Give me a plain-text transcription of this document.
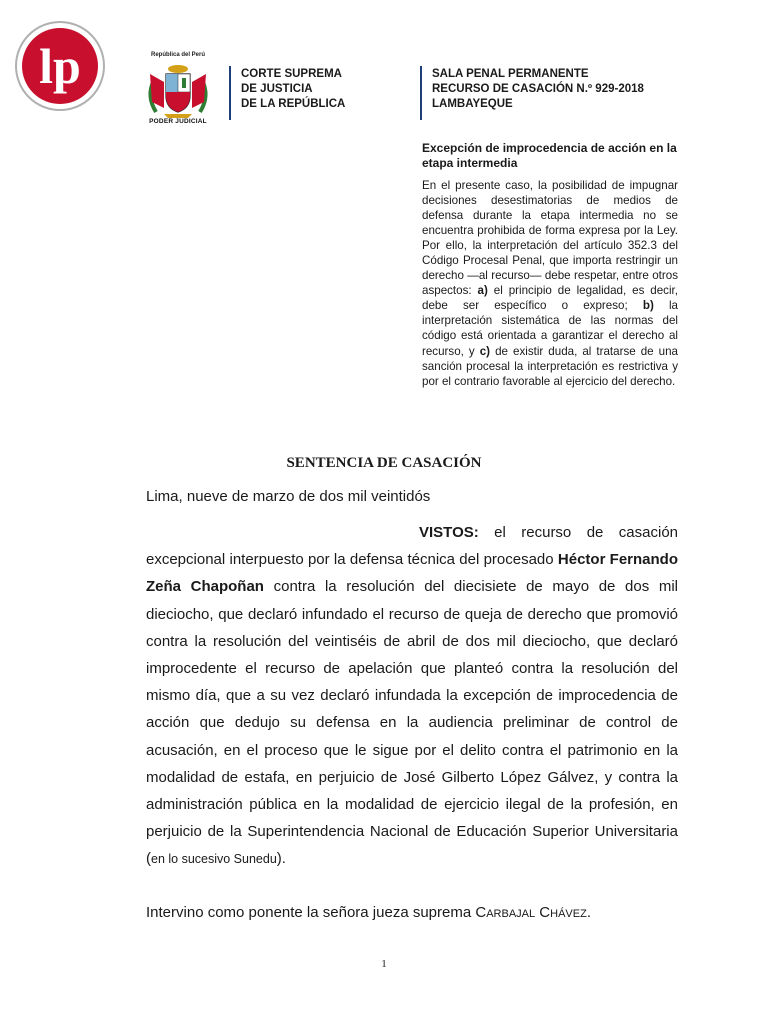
lp	República del Perú
PODER JUDICIAL
CORTE SUPREMA
DE JUSTICIA
DE LA REPÚBLICA
SALA PENAL PERMANENTE
RECURSO DE CASACIÓN N.º 929-2018
LAMBAYEQUE
Excepción de improcedencia de acción en la etapa intermedia
En el presente caso, la posibilidad de impugnar decisiones desestimatorias de medios de defensa durante la etapa intermedia no se encuentra prohibida de forma expresa por la Ley. Por ello, la interpretación del artículo 352.3 del Código Procesal Penal, que importa restringir un derecho —al recurso— debe respetar, entre otros aspectos: a) el principio de legalidad, es decir, debe ser específico o expreso; b) la interpretación sistemática de las normas del código está orientada a garantizar el derecho al recurso, y c) de existir duda, al tratarse de una sanción procesal la interpretación es restrictiva y por el contrario favorable al ejercicio del derecho.
SENTENCIA DE CASACIÓN
Lima, nueve de marzo de dos mil veintidós
VISTOS: el recurso de casación excepcional interpuesto por la defensa técnica del procesado Héctor Fernando Zeña Chapoñan contra la resolución del diecisiete de mayo de dos mil dieciocho, que declaró infundado el recurso de queja de derecho que promovió contra la resolución del veintiséis de abril de dos mil dieciocho, que declaró improcedente el recurso de apelación que planteó contra la resolución del mismo día, que a su vez declaró infundada la excepción de improcedencia de acción que dedujo su defensa en la audiencia preliminar de control de acusación, en el proceso que le sigue por el delito contra el patrimonio en la modalidad de estafa, en perjuicio de José Gilberto López Gálvez, y contra la administración pública en la modalidad de ejercicio ilegal de la profesión, en perjuicio de la Superintendencia Nacional de Educación Superior Universitaria (en lo sucesivo Sunedu).
Intervino como ponente la señora jueza suprema Carbajal Chávez.
1
